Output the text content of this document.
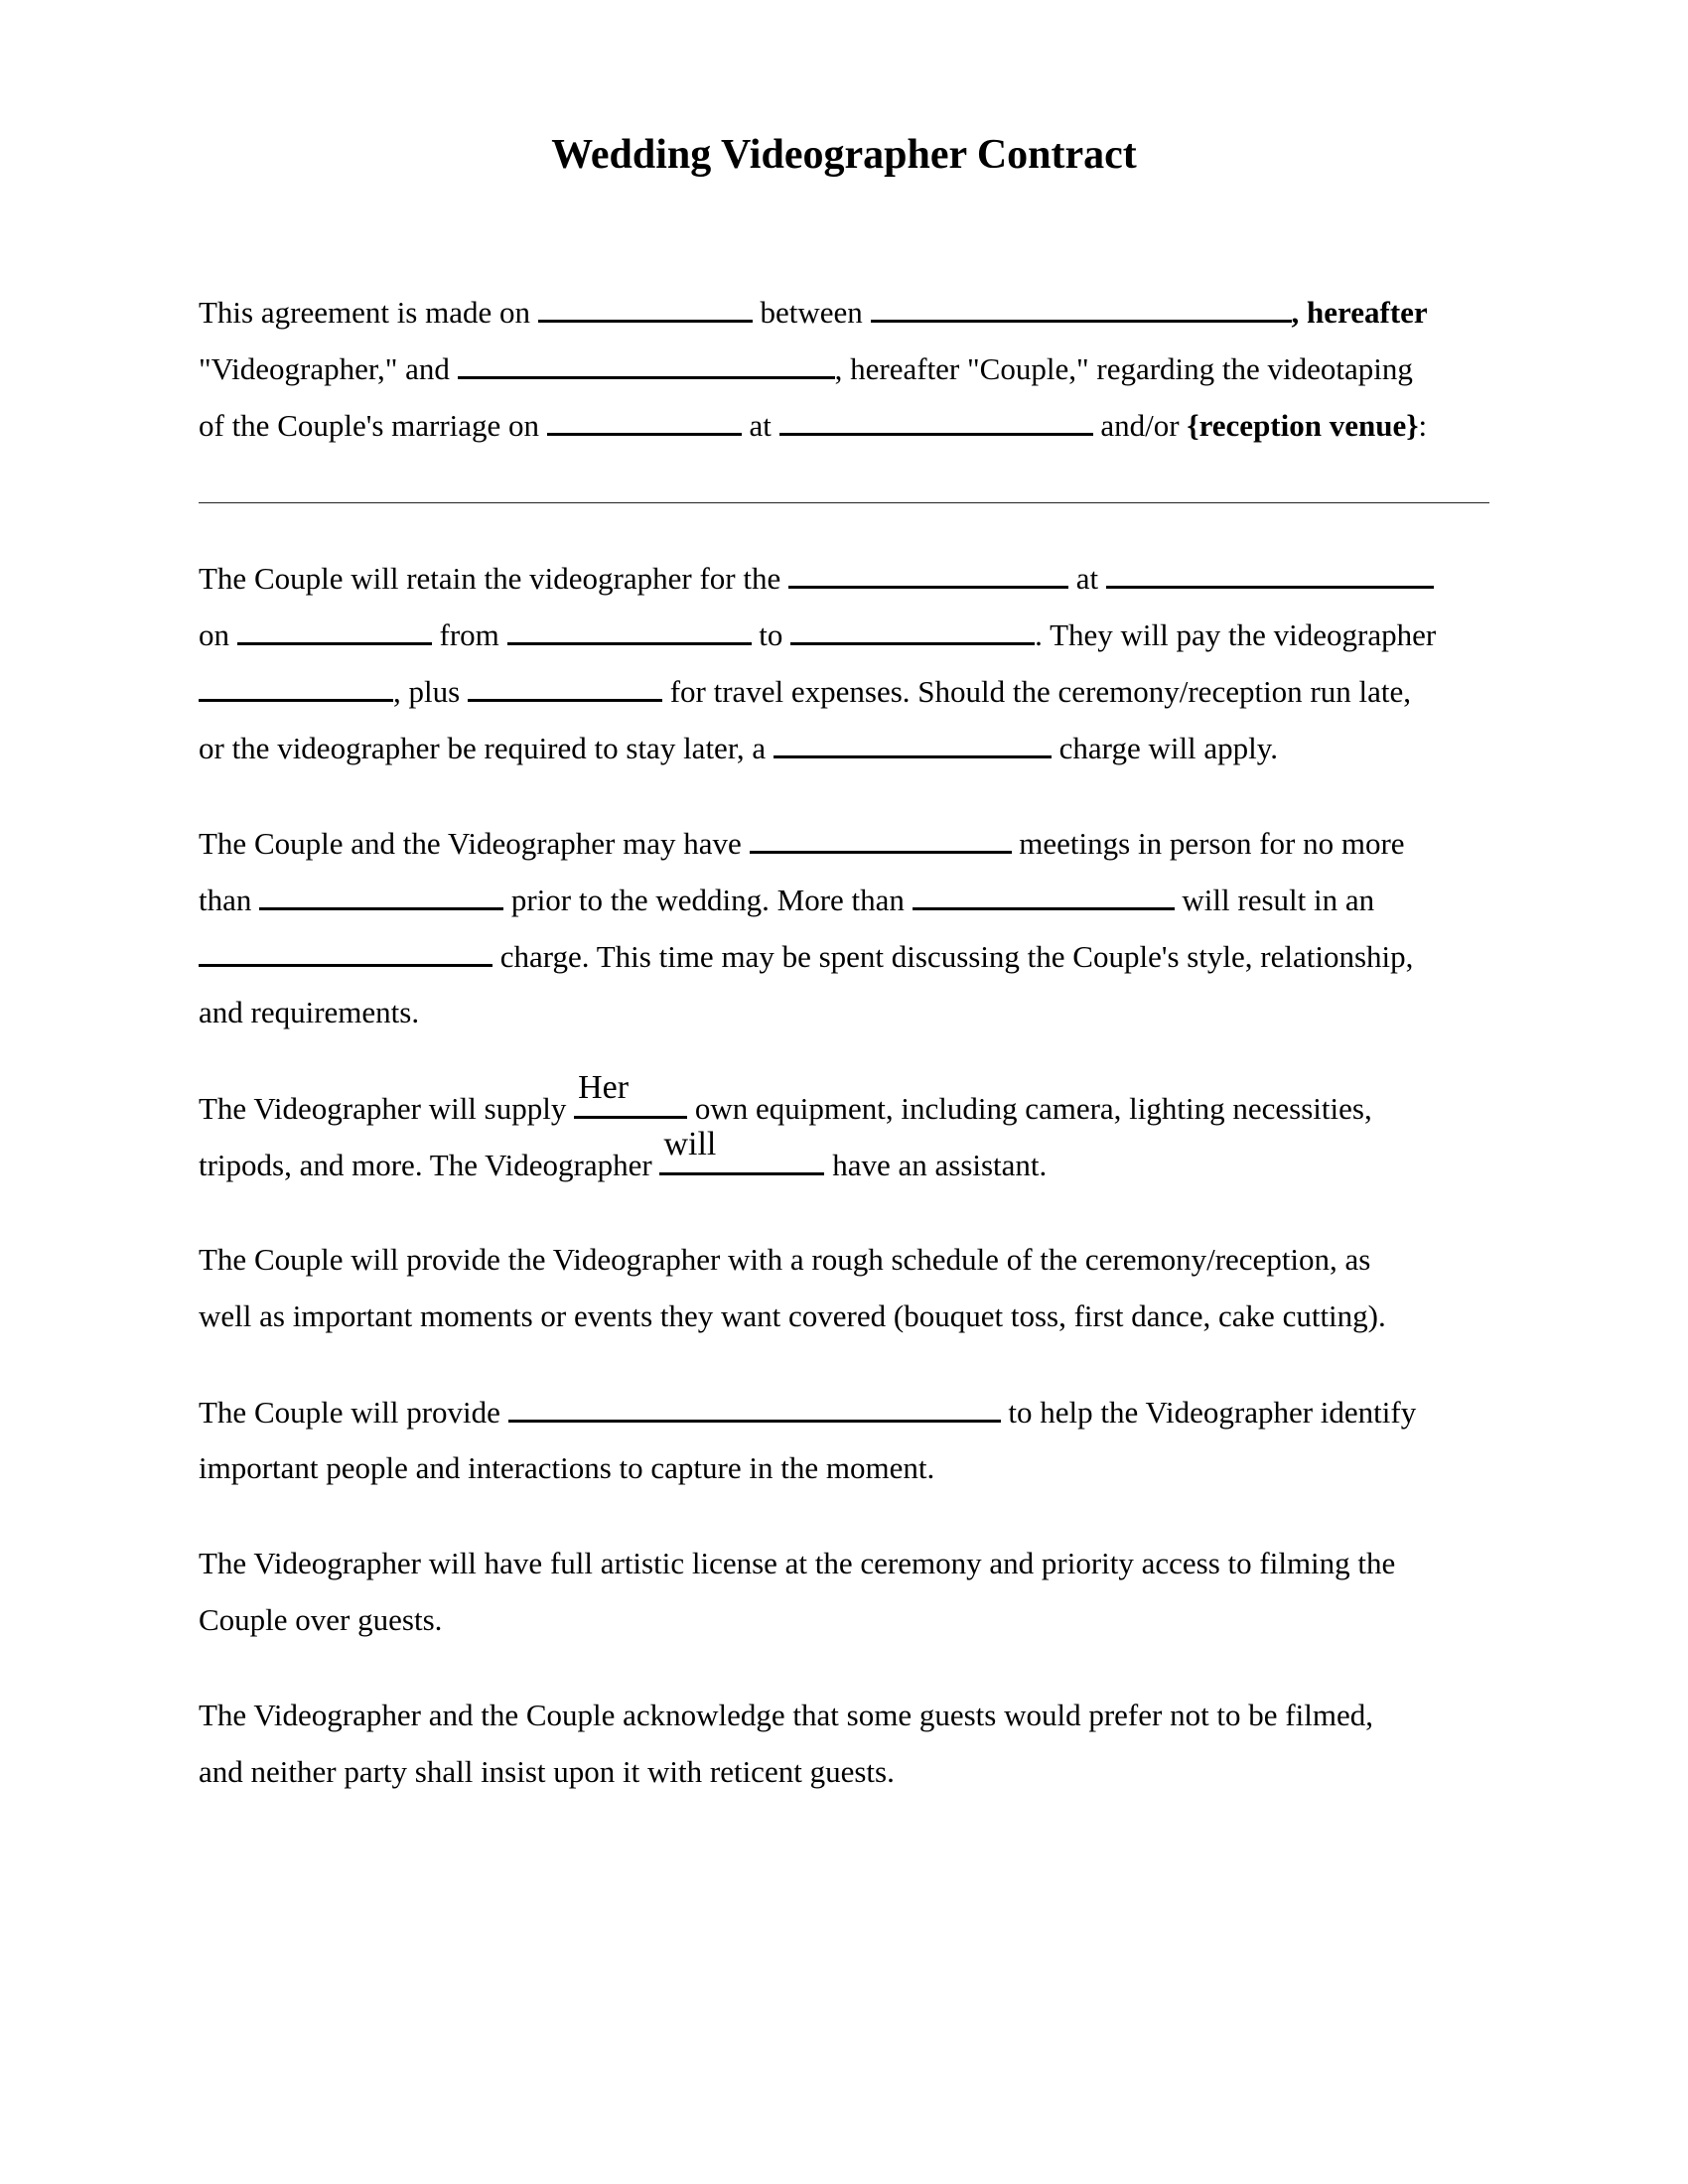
Wedding Videographer Contract
This agreement is made on	between	, hereafter
"Videographer," and	, hereafter "Couple," regarding the videotaping
of the Couple's marriage on	at	and/or {reception venue}:
The Couple will retain the videographer for the	at
on	from	to	. They will pay the videographer
, plus	for travel expenses. Should the ceremony/reception run late,
or the videographer be required to stay later, a	charge will apply.
The Couple and the Videographer may have	meetings in person for no more
than	prior to the wedding. More than	will result in an
charge. This time may be spent discussing the Couple's style, relationship,
and requirements.
The Videographer will supply
Her
own equipment, including camera, lighting necessities,
tripods, and more. The Videographer
will
have an assistant.
The Couple will provide the Videographer with a rough schedule of the ceremony/reception, as
well as important moments or events they want covered (bouquet toss, first dance, cake cutting).
The Couple will provide	to help the Videographer identify
important people and interactions to capture in the moment.
The Videographer will have full artistic license at the ceremony and priority access to filming the
Couple over guests.
The Videographer and the Couple acknowledge that some guests would prefer not to be filmed,
and neither party shall insist upon it with reticent guests.
